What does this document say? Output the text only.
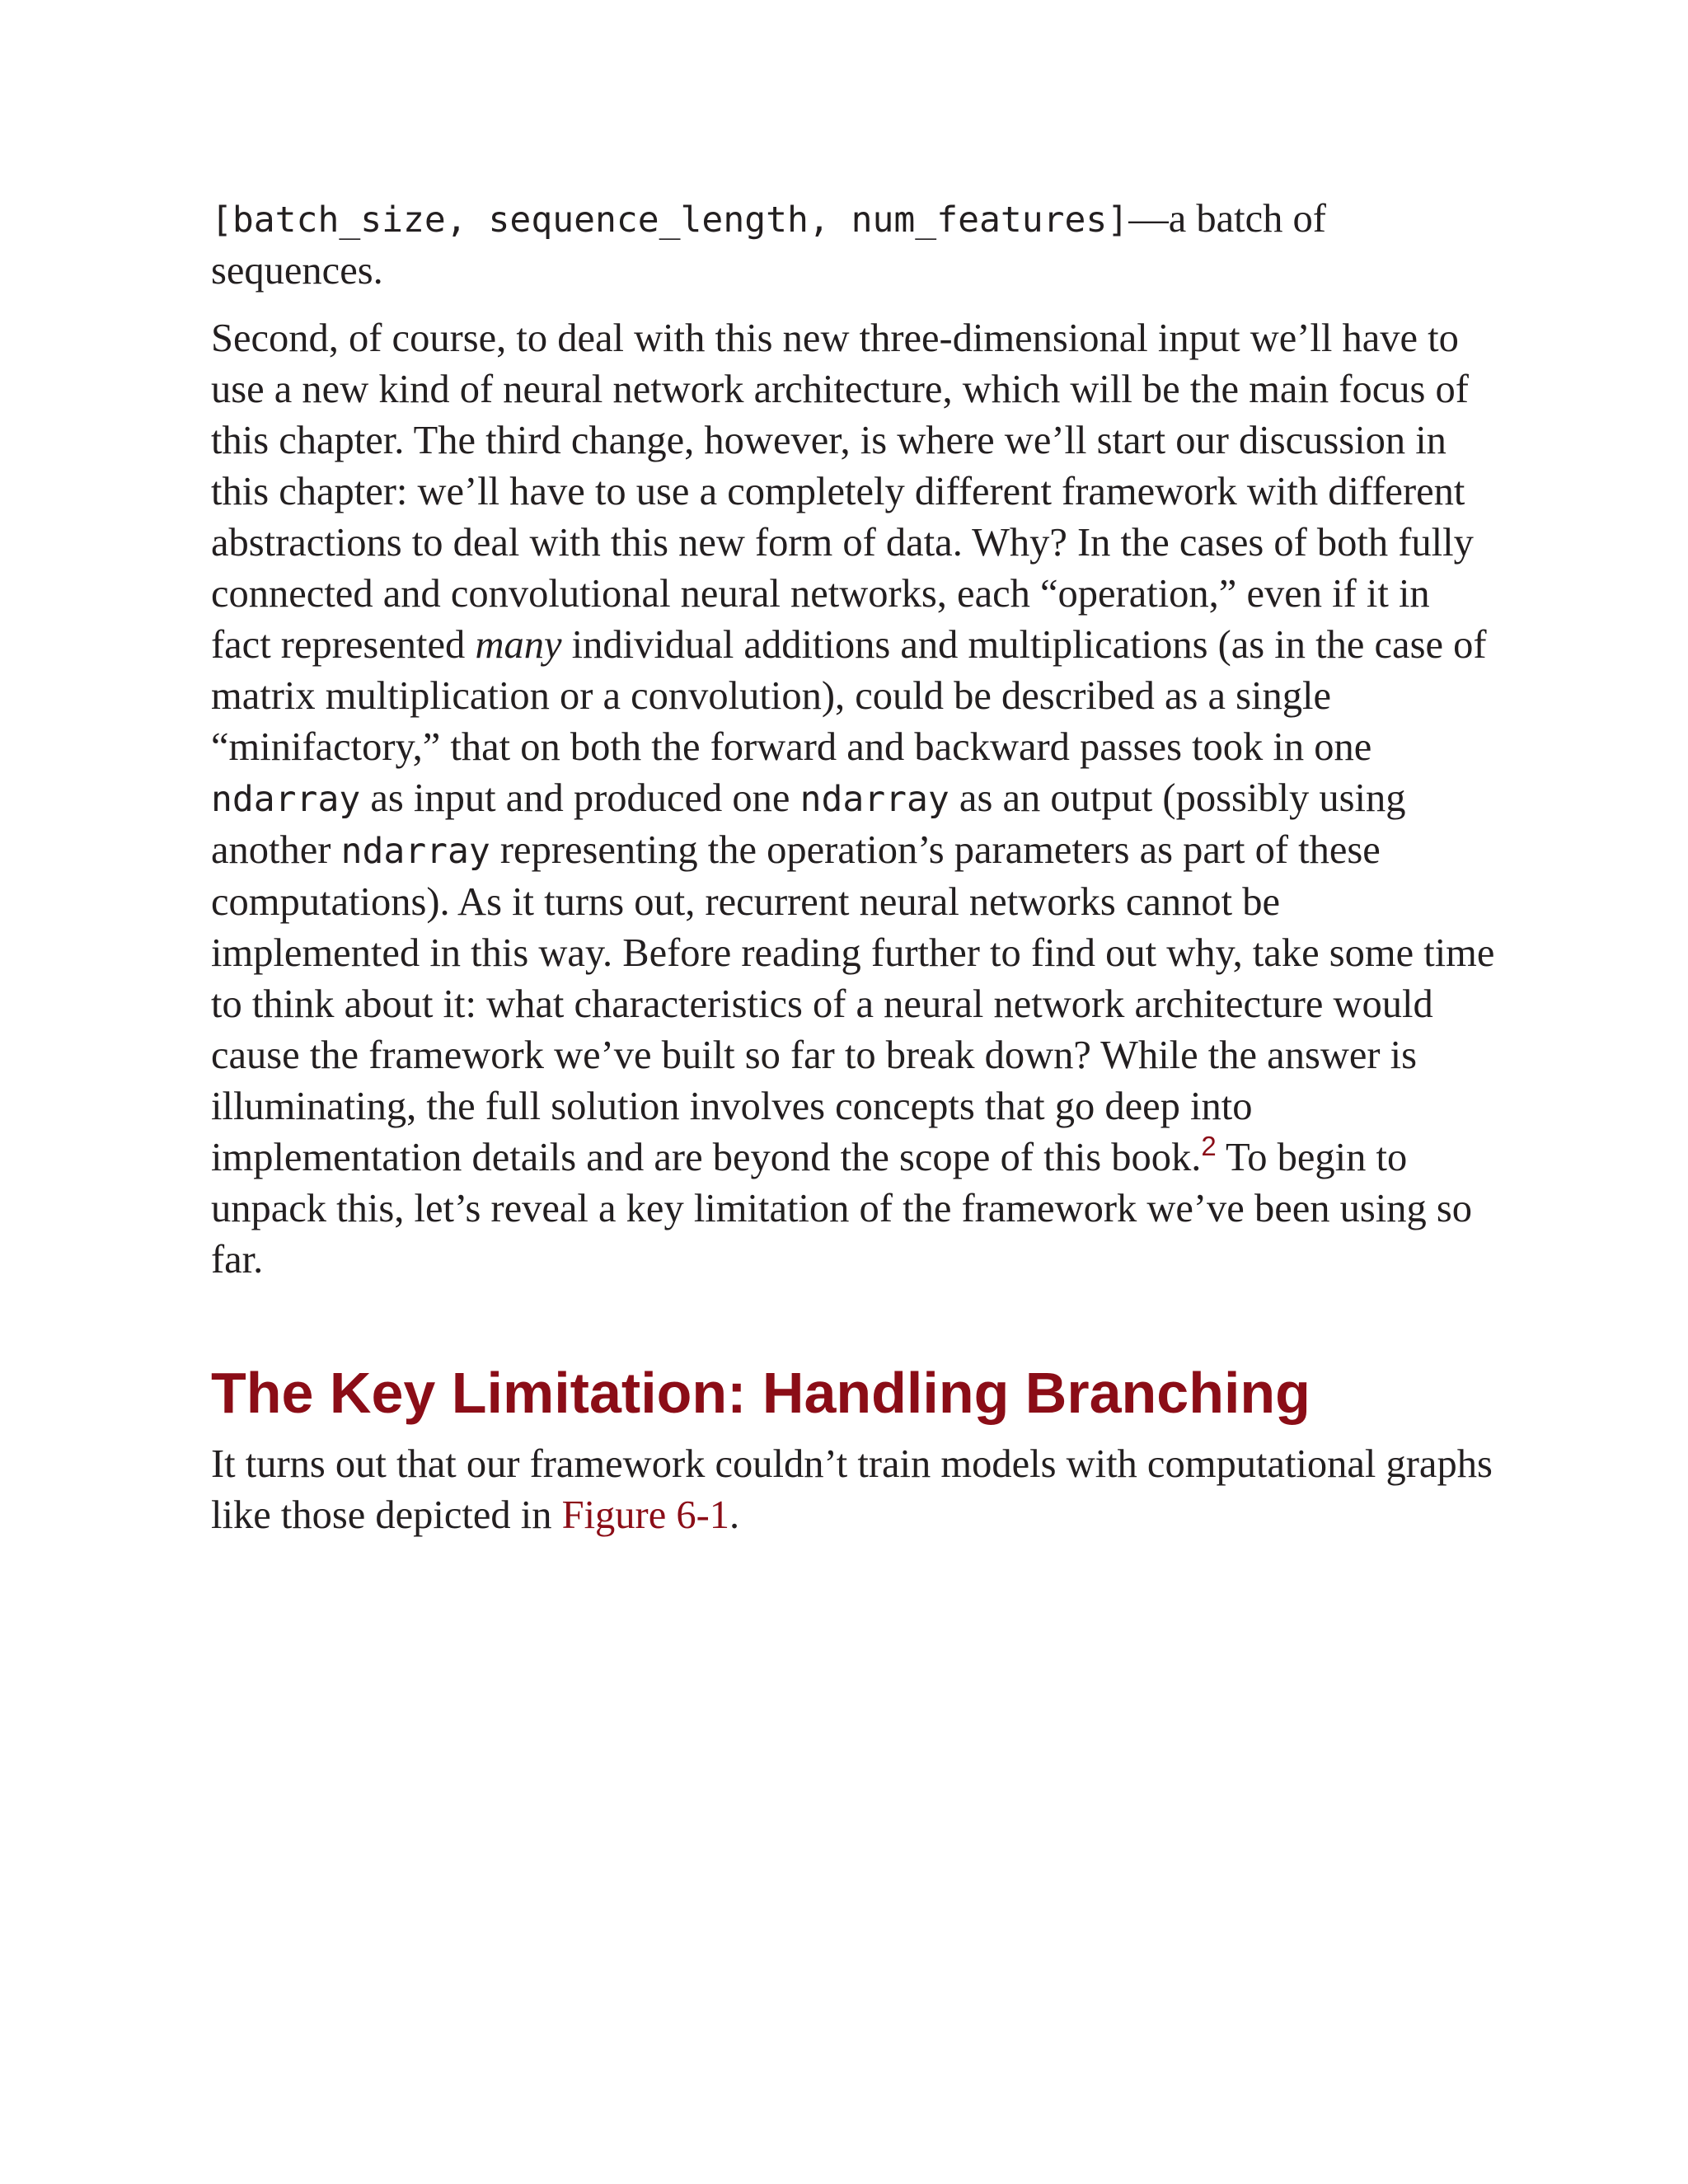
[batch_size, sequence_length, num_features]—a batch of sequences.

Second, of course, to deal with this new three-dimensional input we’ll have to use a new kind of neural network architecture, which will be the main focus of this chapter. The third change, however, is where we’ll start our discussion in this chapter: we’ll have to use a completely different framework with different abstractions to deal with this new form of data. Why? In the cases of both fully connected and convolutional neural networks, each “operation,” even if it in fact represented many individual additions and multiplications (as in the case of matrix multiplication or a convolution), could be described as a single “minifactory,” that on both the forward and backward passes took in one ndarray as input and produced one ndarray as an output (possibly using another ndarray representing the operation’s parameters as part of these computations). As it turns out, recurrent neural networks cannot be implemented in this way. Before reading further to find out why, take some time to think about it: what characteristics of a neural network architecture would cause the framework we’ve built so far to break down? While the answer is illuminating, the full solution involves concepts that go deep into implementation details and are beyond the scope of this book.$^2$ To begin to unpack this, let’s reveal a key limitation of the framework we’ve been using so far.

The Key Limitation: Handling Branching

It turns out that our framework couldn’t train models with computational graphs like those depicted in Figure 6-1.
